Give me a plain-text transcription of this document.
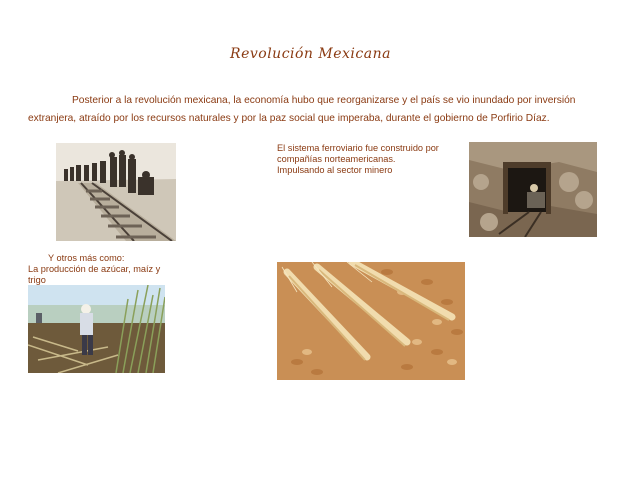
Revolución Mexicana

Posterior a la revolución mexicana, la economía hubo que reorganizarse y el país se vio inundado por inversión extranjera, atraído por los recursos naturales y por la paz social que imperaba, durante el gobierno de Porfirio Díaz.

El sistema ferroviario fue construido por
compañías norteamericanas.
Impulsando al sector minero
Y otros más como:
La producción de azúcar, maíz y
trigo
